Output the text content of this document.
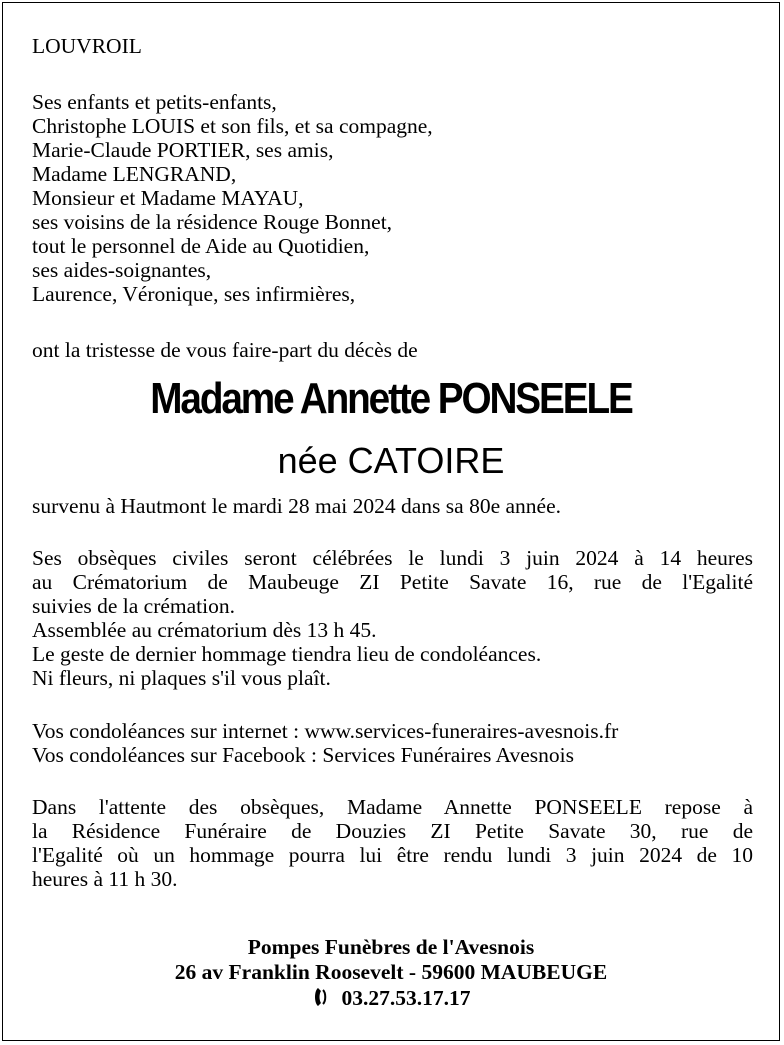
LOUVROIL
Ses enfants et petits-enfants,
Christophe LOUIS et son fils, et sa compagne,
Marie-Claude PORTIER, ses amis,
Madame LENGRAND,
Monsieur et Madame MAYAU,
ses voisins de la résidence Rouge Bonnet,
tout le personnel de Aide au Quotidien,
ses aides-soignantes,
Laurence, Véronique, ses infirmières,
ont la tristesse de vous faire-part du décès de
Madame Annette PONSEELE
née CATOIRE
survenu à Hautmont le mardi 28 mai 2024 dans sa 80e année.
Ses obsèques civiles seront célébrées le lundi 3 juin 2024 à 14 heures
au Crématorium de Maubeuge ZI Petite Savate 16, rue de l'Egalité
suivies de la crémation.
Assemblée au crématorium dès 13 h 45.
Le geste de dernier hommage tiendra lieu de condoléances.
Ni fleurs, ni plaques s'il vous plaît.
Vos condoléances sur internet : www.services-funeraires-avesnois.fr
Vos condoléances sur Facebook : Services Funéraires Avesnois
Dans l'attente des obsèques, Madame Annette PONSEELE repose à
la Résidence Funéraire de Douzies ZI Petite Savate 30, rue de
l'Egalité où un hommage pourra lui être rendu lundi 3 juin 2024 de 10
heures à 11 h 30.
Pompes Funèbres de l'Avesnois
26 av Franklin Roosevelt - 59600 MAUBEUGE
03.27.53.17.17
